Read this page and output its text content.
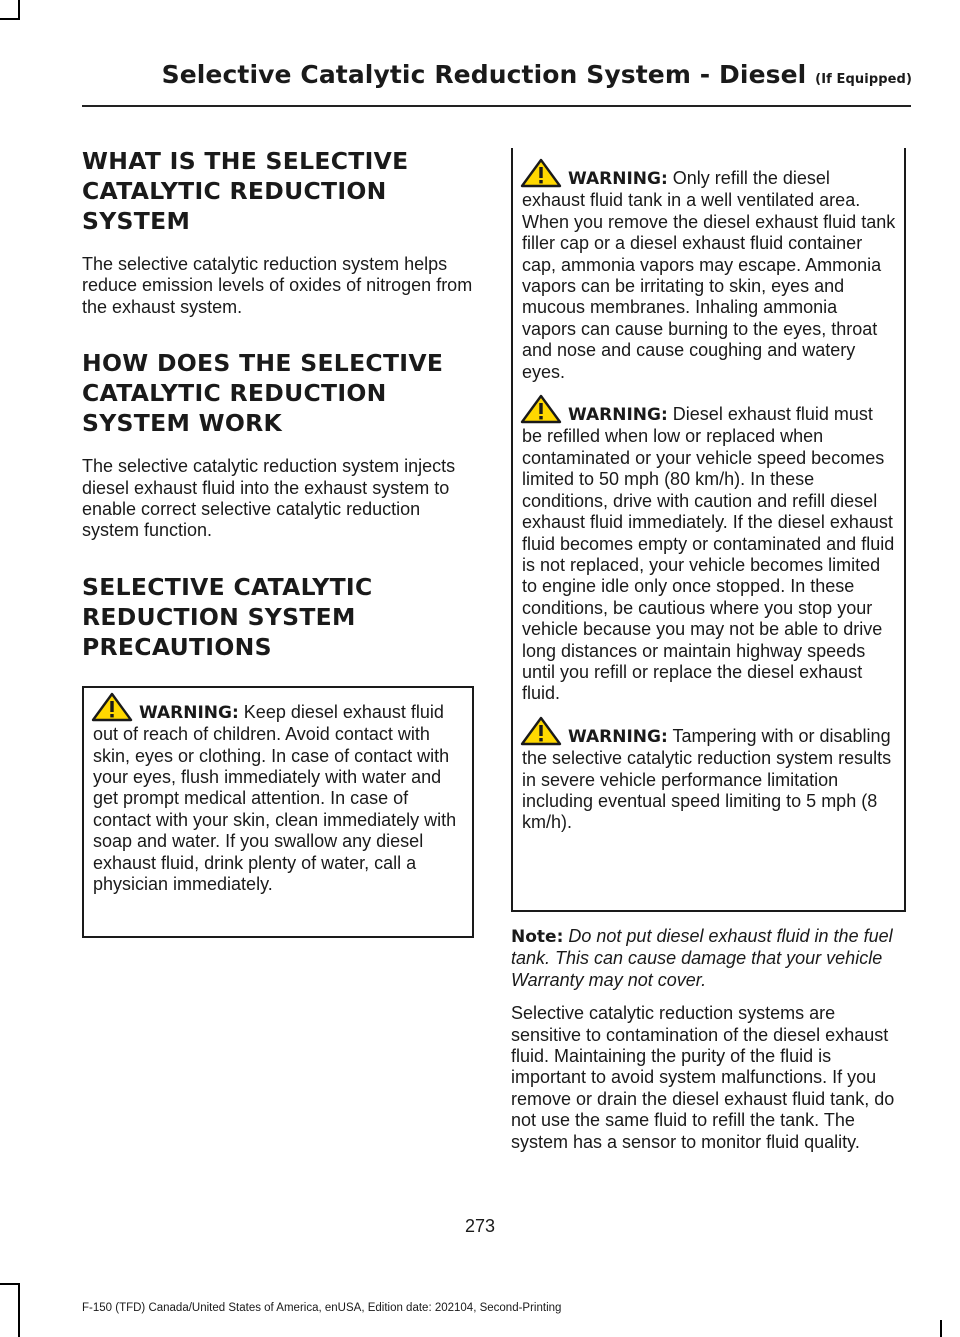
Selective Catalytic Reduction System - Diesel (If Equipped)
WHAT IS THE SELECTIVE
CATALYTIC REDUCTION
SYSTEM

The selective catalytic reduction system helps reduce emission levels of oxides of nitrogen from the exhaust system.

HOW DOES THE SELECTIVE
CATALYTIC REDUCTION
SYSTEM WORK

The selective catalytic reduction system injects diesel exhaust fluid into the exhaust system to enable correct selective catalytic reduction system function.

SELECTIVE CATALYTIC
REDUCTION SYSTEM
PRECAUTIONS
WARNING: Keep diesel exhaust fluid out of reach of children. Avoid contact with skin, eyes or clothing. In case of contact with your eyes, flush immediately with water and get prompt medical attention. In case of contact with your skin, clean immediately with soap and water. If you swallow any diesel exhaust fluid, drink plenty of water, call a physician immediately.
WARNING: Only refill the diesel exhaust fluid tank in a well ventilated area. When you remove the diesel exhaust fluid tank filler cap or a diesel exhaust fluid container cap, ammonia vapors may escape. Ammonia vapors can be irritating to skin, eyes and mucous membranes. Inhaling ammonia vapors can cause burning to the eyes, throat and nose and cause coughing and watery eyes.
WARNING: Diesel exhaust fluid must be refilled when low or replaced when contaminated or your vehicle speed becomes limited to 50 mph (80 km/h). In these conditions, drive with caution and refill diesel exhaust fluid immediately. If the diesel exhaust fluid becomes empty or contaminated and fluid is not replaced, your vehicle becomes limited to engine idle only once stopped. In these conditions, be cautious where you stop your vehicle because you may not be able to drive long distances or maintain highway speeds until you refill or replace the diesel exhaust fluid.
WARNING: Tampering with or disabling the selective catalytic reduction system results in severe vehicle performance limitation including eventual speed limiting to 5 mph (8 km/h).

Note: Do not put diesel exhaust fluid in the fuel tank. This can cause damage that your vehicle Warranty may not cover.

Selective catalytic reduction systems are sensitive to contamination of the diesel exhaust fluid. Maintaining the purity of the fluid is important to avoid system malfunctions. If you remove or drain the diesel exhaust fluid tank, do not use the same fluid to refill the tank. The system has a sensor to monitor fluid quality.

273
F-150 (TFD) Canada/United States of America, enUSA, Edition date: 202104, Second-Printing
